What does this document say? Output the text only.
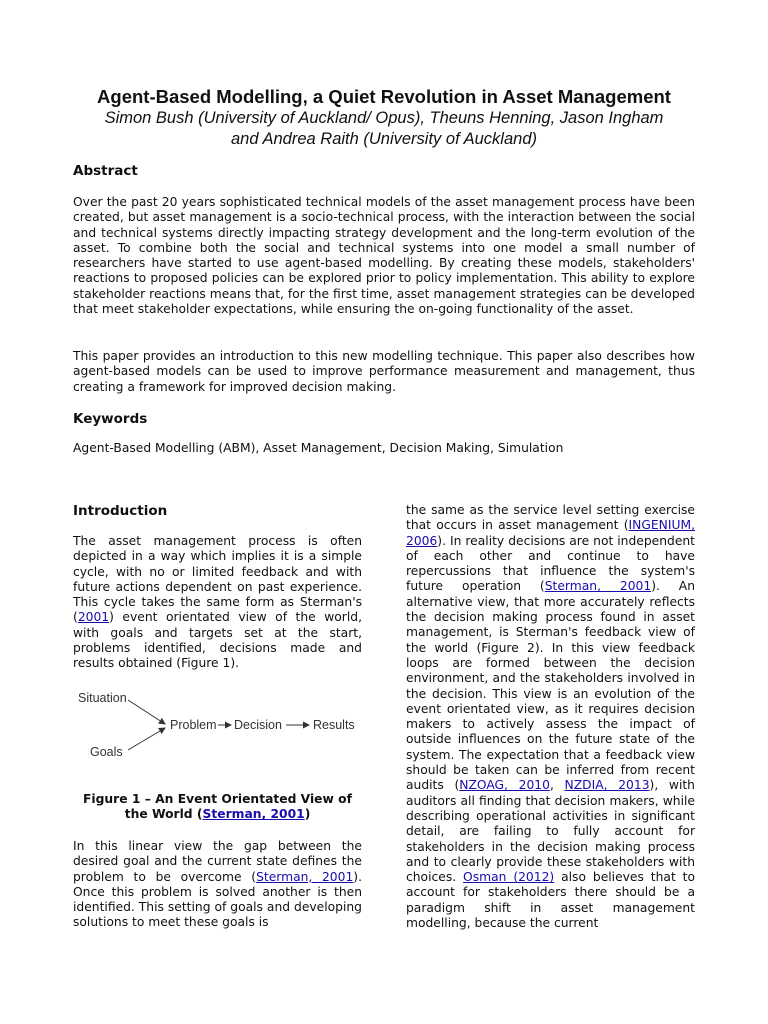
Agent-Based Modelling, a Quiet Revolution in Asset Management

Simon Bush (University of Auckland/ Opus), Theuns Henning, Jason Ingham

and Andrea Raith (University of Auckland)

Abstract

Over the past 20 years sophisticated technical models of the asset management process have been created, but asset management is a socio-technical process, with the interaction between the social and technical systems directly impacting strategy development and the long-term evolution of the asset. To combine both the social and technical systems into one model a small number of researchers have started to use agent-based modelling. By creating these models, stakeholders' reactions to proposed policies can be explored prior to policy implementation. This ability to explore stakeholder reactions means that, for the first time, asset management strategies can be developed that meet stakeholder expectations, while ensuring the on-going functionality of the asset.

This paper provides an introduction to this new modelling technique. This paper also describes how agent-based models can be used to improve performance measurement and management, thus creating a framework for improved decision making.

Keywords

Agent-Based Modelling (ABM), Asset Management, Decision Making, Simulation

Introduction

The asset management process is often depicted in a way which implies it is a simple cycle, with no or limited feedback and with future actions dependent on past experience. This cycle takes the same form as Sterman's (2001) event orientated view of the world, with goals and targets set at the start, problems identified, decisions made and results obtained (Figure 1).

Situation
Goals
Problem Decision Results

Figure 1 – An Event Orientated View of the World (Sterman, 2001)

In this linear view the gap between the desired goal and the current state defines the problem to be overcome (Sterman, 2001). Once this problem is solved another is then identified. This setting of goals and developing solutions to meet these goals is

the same as the service level setting exercise that occurs in asset management (INGENIUM, 2006). In reality decisions are not independent of each other and continue to have repercussions that influence the system's future operation (Sterman, 2001). An alternative view, that more accurately reflects the decision making process found in asset management, is Sterman's feedback view of the world (Figure 2). In this view feedback loops are formed between the decision environment, and the stakeholders involved in the decision. This view is an evolution of the event orientated view, as it requires decision makers to actively assess the impact of outside influences on the future state of the system. The expectation that a feedback view should be taken can be inferred from recent audits (NZOAG, 2010, NZDIA, 2013), with auditors all finding that decision makers, while describing operational activities in significant detail, are failing to fully account for stakeholders in the decision making process and to clearly provide these stakeholders with choices. Osman (2012) also believes that to account for stakeholders there should be a paradigm shift in asset management modelling, because the current
